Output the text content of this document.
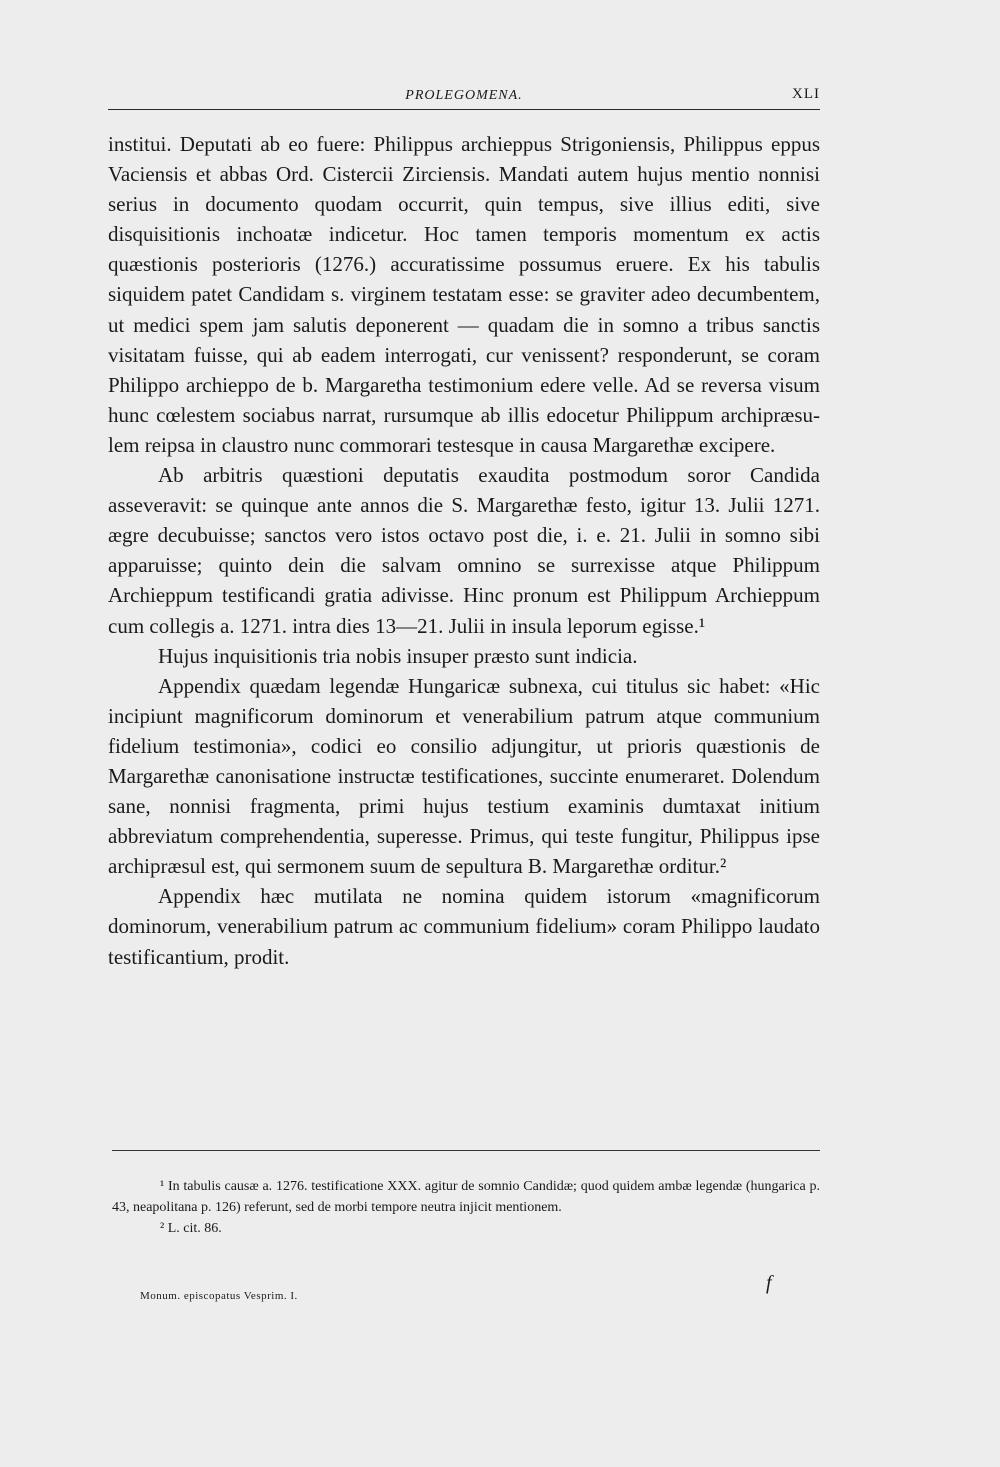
PROLEGOMENA.	XLI

institui. Deputati ab eo fuere: Philippus archieppus Strigoniensis, Philippus eppus Vaciensis et abbas Ord. Cistercii Zirciensis. Mandati autem hujus mentio nonnisi serius in documento quodam occurrit, quin tempus, sive illius editi, sive disquisitionis inchoatæ indicetur. Hoc tamen temporis momentum ex actis quæstionis posterioris (1276.) accuratissime possumus eruere. Ex his tabulis siquidem patet Candidam s. virginem testatam esse: se graviter adeo decumbentem, ut medici spem jam salutis deponerent — quadam die in somno a tribus sanctis visitatam fuisse, qui ab eadem interrogati, cur venissent? responderunt, se coram Philippo archieppo de b. Margaretha testimonium edere velle. Ad se reversa visum hunc cœlestem sociabus narrat, rursumque ab illis edocetur Philippum archipræsulem reipsa in claustro nunc commorari testesque in causa Margarethæ excipere.

Ab arbitris quæstioni deputatis exaudita postmodum soror Candida asseveravit: se quinque ante annos die S. Margarethæ festo, igitur 13. Julii 1271. ægre decubuisse; sanctos vero istos octavo post die, i. e. 21. Julii in somno sibi apparuisse; quinto dein die salvam omnino se surrexisse atque Philippum Archieppum testificandi gratia adivisse. Hinc pronum est Philippum Archieppum cum collegis a. 1271. intra dies 13—21. Julii in insula leporum egisse.¹

Hujus inquisitionis tria nobis insuper præsto sunt indicia.

Appendix quædam legendæ Hungaricæ subnexa, cui titulus sic habet: «Hic incipiunt magnificorum dominorum et venerabilium patrum atque communium fidelium testimonia», codici eo consilio adjungitur, ut prioris quæstionis de Margarethæ canonisatione instructæ testificationes, succinte enumeraret. Dolendum sane, nonnisi fragmenta, primi hujus testium examinis dumtaxat initium abbreviatum comprehendentia, superesse. Primus, qui teste fungitur, Philippus ipse archipræsul est, qui sermonem suum de sepultura B. Margarethæ orditur.²

Appendix hæc mutilata ne nomina quidem istorum «magnificorum dominorum, venerabilium patrum ac communium fidelium» coram Philippo laudato testificantium, prodit.

¹ In tabulis causæ a. 1276. testificatione XXX. agitur de somnio Candidæ; quod quidem ambæ legendæ (hungarica p. 43, neapolitana p. 126) referunt, sed de morbi tempore neutra injicit mentionem.

² L. cit. 86.

f
Monum. episcopatus Vesprim. I.
